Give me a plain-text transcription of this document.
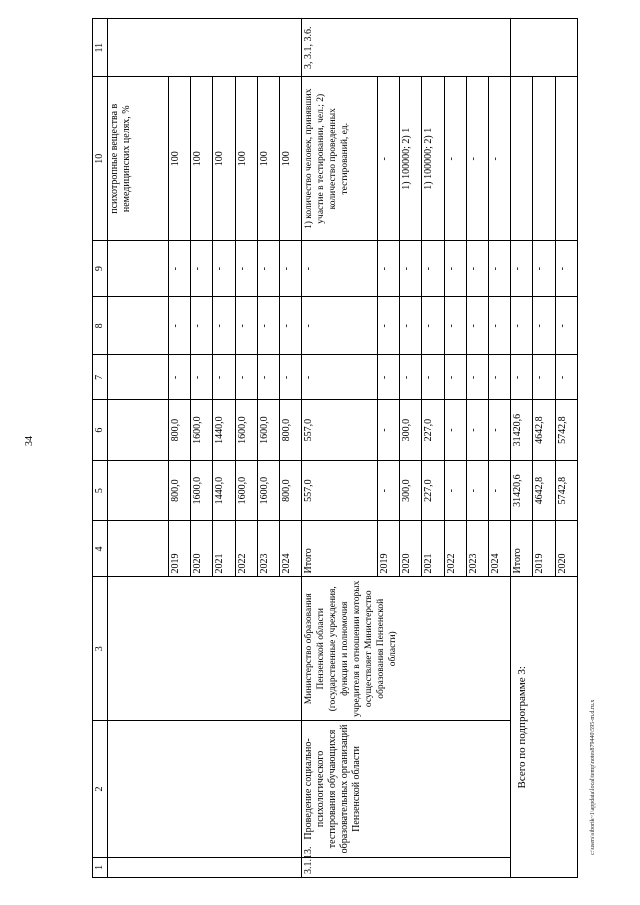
34
1	2	3	4	5	6	7	8	9	10	11
									психотропные вещества в немедицинских целях, %	
			2019	800,0	800,0	-	-	-	100	
			2020	1600,0	1600,0	-	-	-	100	
			2021	1440,0	1440,0	-	-	-	100	
			2022	1600,0	1600,0	-	-	-	100	
			2023	1600,0	1600,0	-	-	-	100	
			2024	800,0	800,0	-	-	-	100	
3.1.13.	Проведение социально-психологического тестирования обучающихся образовательных организаций Пензенской области	Министерство образования Пензенской области (государственные учреждения, функции и полномочия учредителя в отношении которых осуществляет Министерство образования Пензенской области)	Итого	557,0	557,0	-	-	-	1) количество человек, принявших участие в тестировании, чел.; 2) количество проведенных тестирований, ед.	3, 3.1, 3.6.
			2019	-	-	-	-	-	-	
			2020	300,0	300,0	-	-	-	1) 100000; 2) 1	
			2021	227,0	227,0	-	-	-	1) 100000; 2) 1	
			2022	-	-	-	-	-	-	
			2023	-	-	-	-	-	-	
			2024	-	-	-	-	-	-	
Всего по подпрограмме 3:			Итого	31420,6	31420,6	-	-	-		
			2019	4642,8	4642,8	-	-	-		
			2020	5742,8	5742,8	-	-	-		
c:\users\siborik~1\appdata\local\temp\notes879440\595-m.d.ru.x
